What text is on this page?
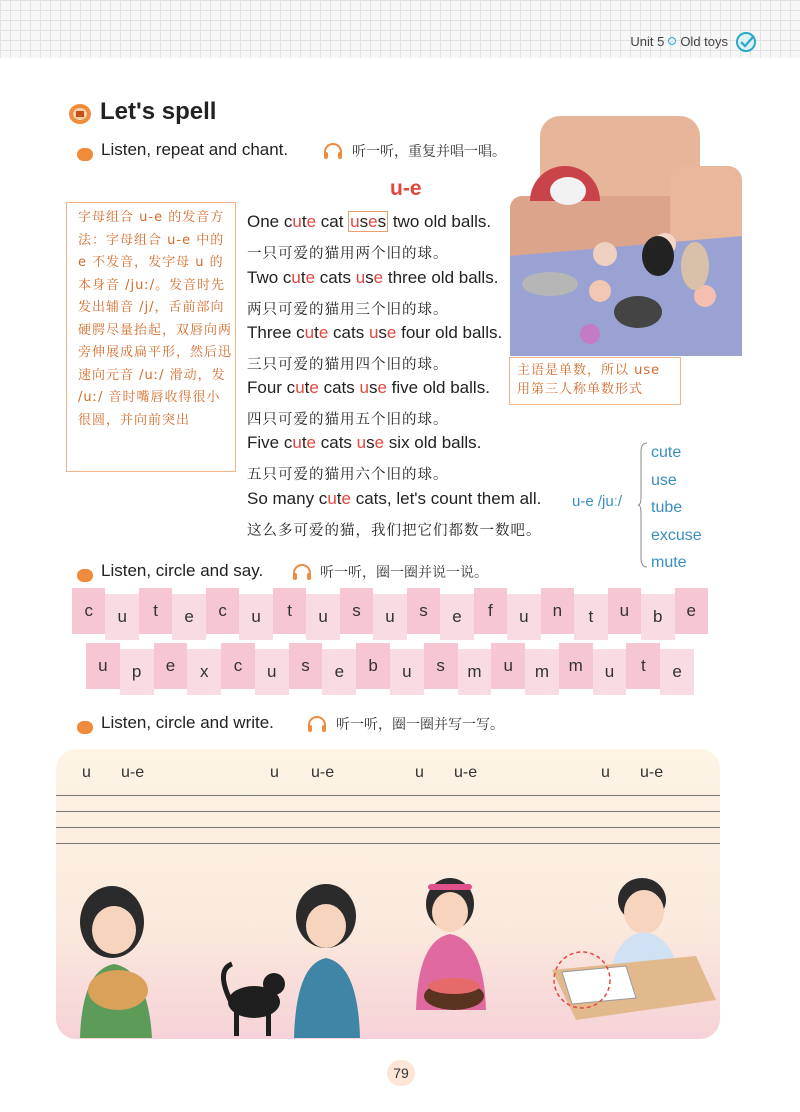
Unit 5 Old toys
Let's spell
Listen, repeat and chant.	听一听，重复并唱一唱。
u-e
字母组合 u-e 的发音方法：字母组合 u-e 中的 e 不发音，发字母 u 的本身音 /juː/。发音时先发出辅音 /j/，舌前部向硬腭尽量抬起，双唇向两旁伸展成扁平形，然后迅速向元音 /uː/ 滑动，发 /uː/ 音时嘴唇收得很小很圆，并向前突出
One cute cat uses two old balls.
一只可爱的猫用两个旧的球。
Two cute cats use three old balls.
两只可爱的猫用三个旧的球。
Three cute cats use four old balls.
三只可爱的猫用四个旧的球。
Four cute cats use five old balls.
四只可爱的猫用五个旧的球。
Five cute cats use six old balls.
五只可爱的猫用六个旧的球。
So many cute cats, let's count them all.
这么多可爱的猫，我们把它们都数一数吧。
主语是单数，所以 use 用第三人称单数形式
u-e /juː/
cute
use
tube
excuse
mute
Listen, circle and say.	听一听，圈一圈并说一说。
c	u	t	e	c	u	t	u	s	u	s	e	f	u	n	t	u	b	e
u	p	e	x	c	u	s	e	b	u	s	m	u	m	m	u	t	e
Listen, circle and write.	听一听，圈一圈并写一写。
u u-e	u u-e	u u-e	u u-e
79
